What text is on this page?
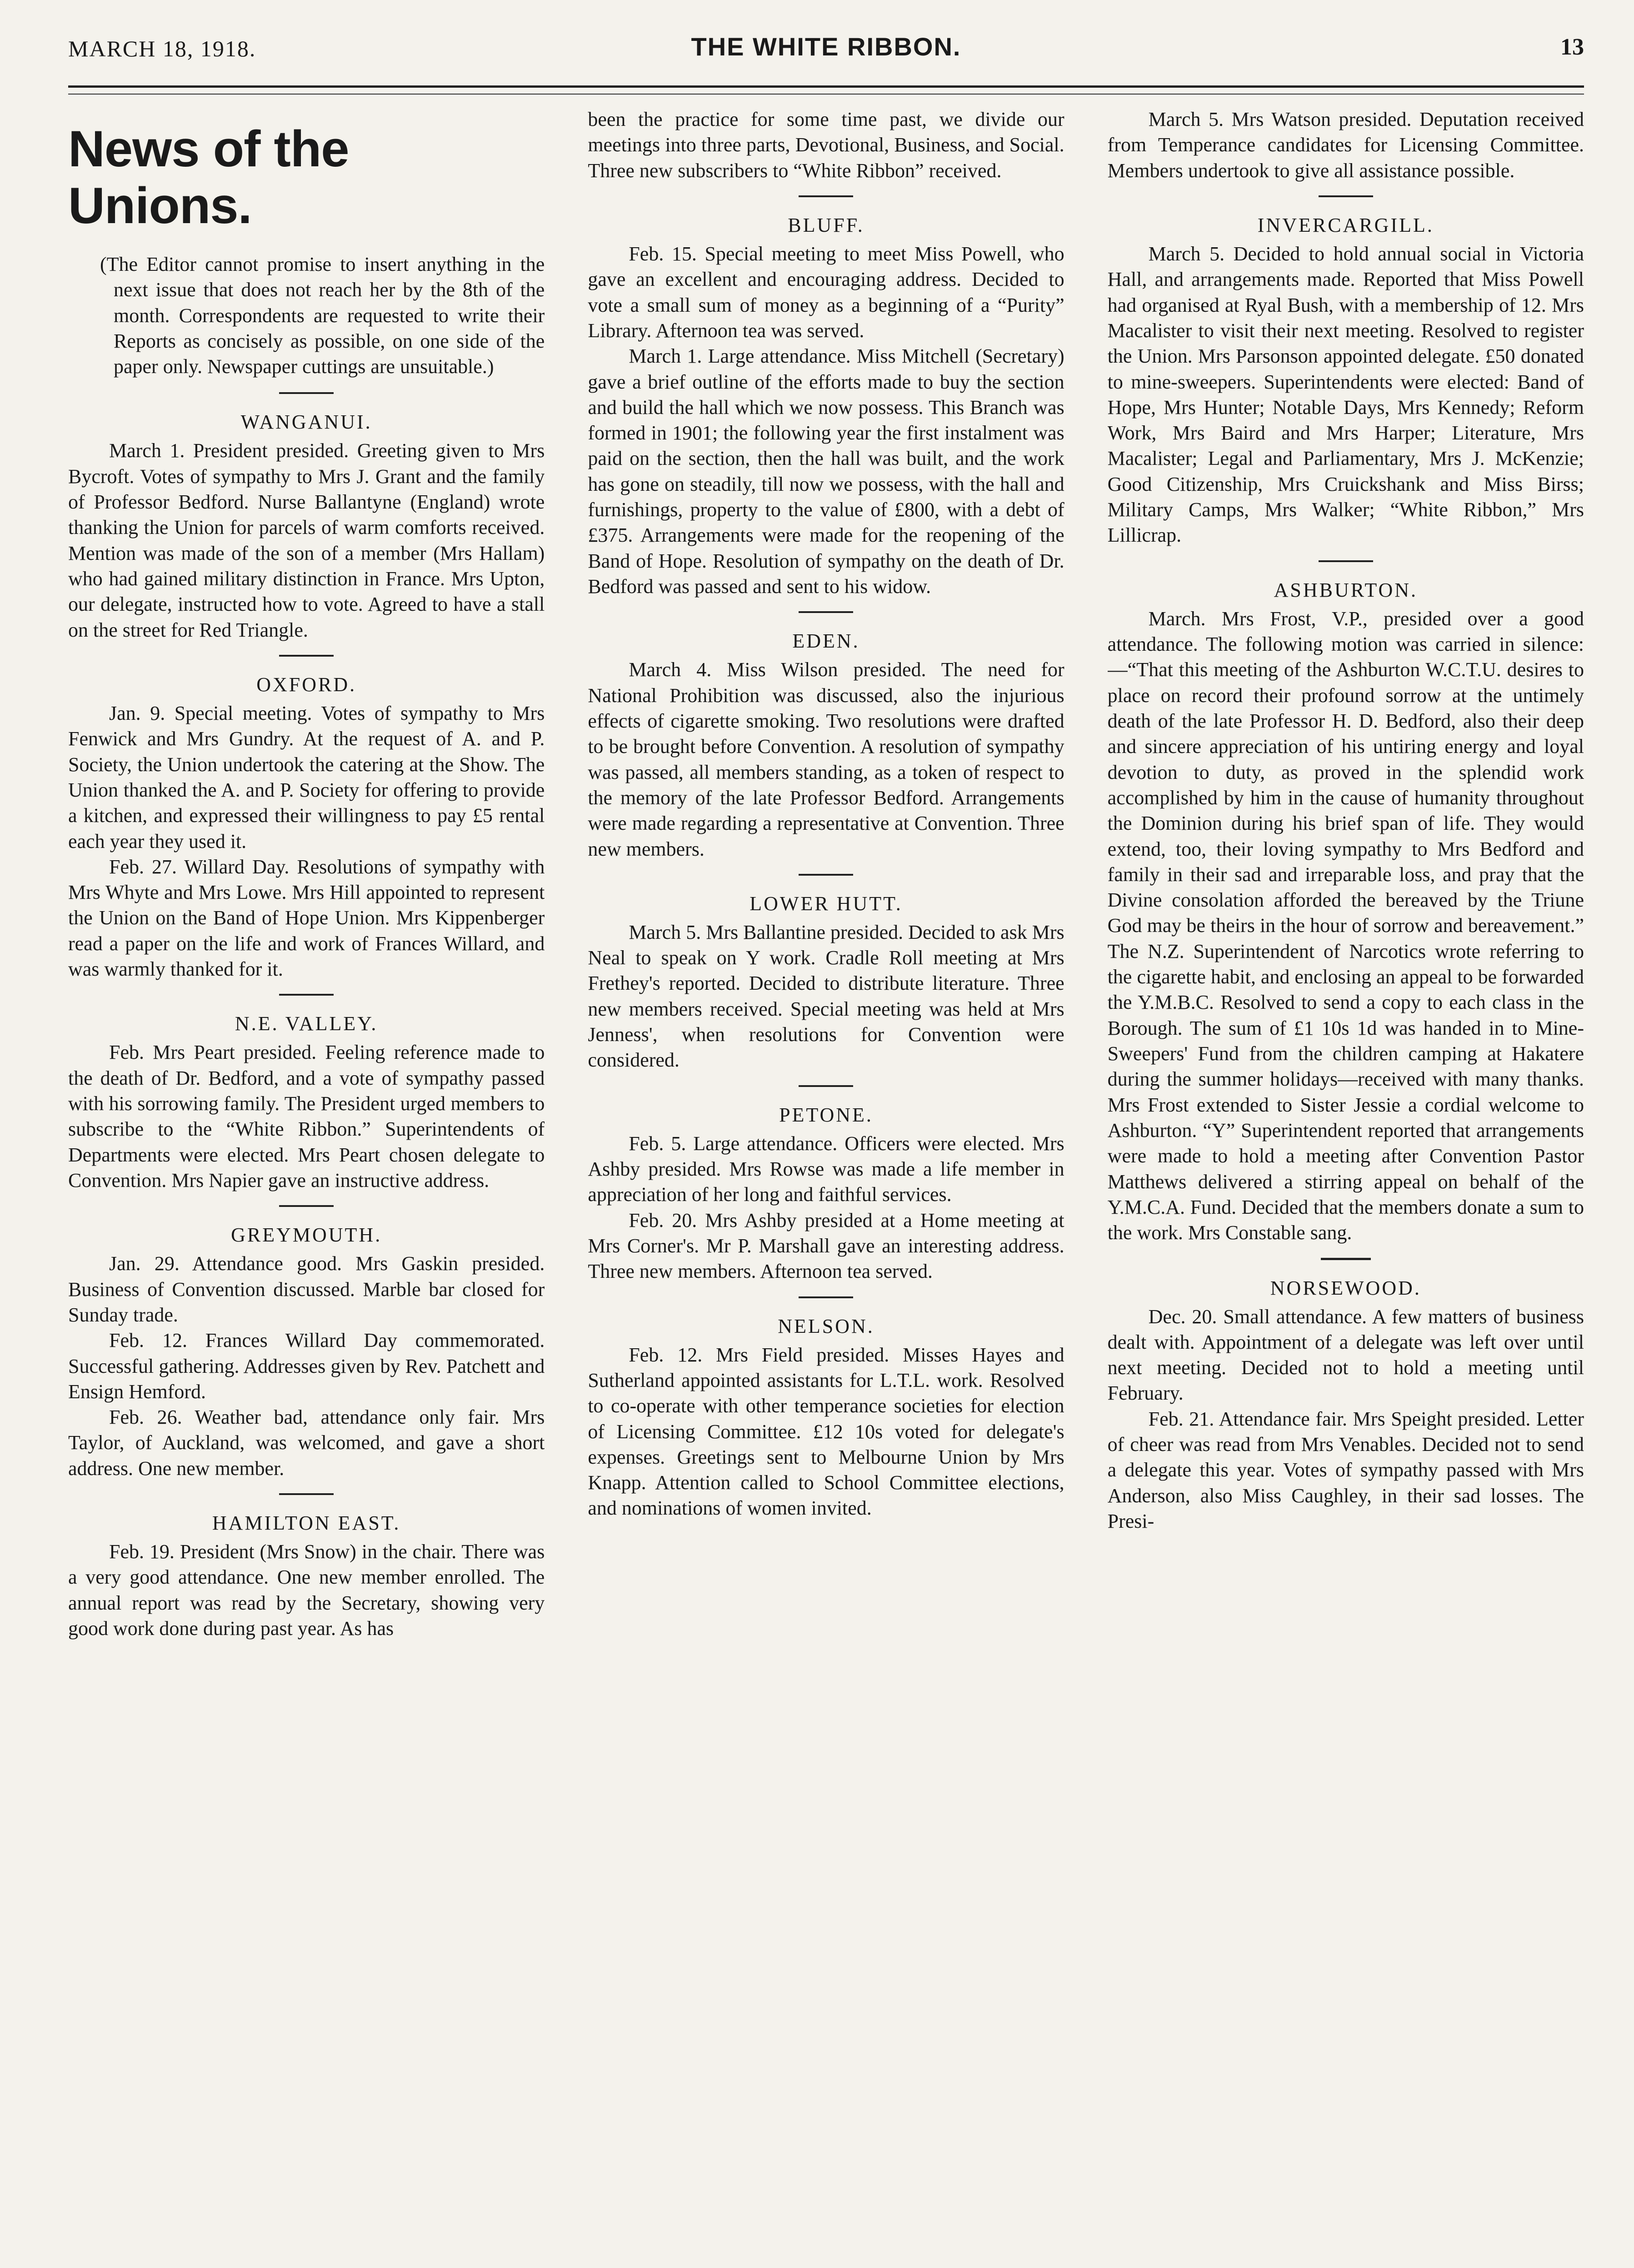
MARCH 18, 1918.	THE WHITE RIBBON.	13
News of the Unions.

(The Editor cannot promise to insert anything in the next issue that does not reach her by the 8th of the month. Correspondents are requested to write their Reports as concisely as possible, on one side of the paper only. Newspaper cuttings are unsuitable.)

WANGANUI.

March 1. President presided. Greeting given to Mrs Bycroft. Votes of sympathy to Mrs J. Grant and the family of Professor Bedford. Nurse Ballantyne (England) wrote thanking the Union for parcels of warm comforts received. Mention was made of the son of a member (Mrs Hallam) who had gained military distinction in France. Mrs Upton, our delegate, instructed how to vote. Agreed to have a stall on the street for Red Triangle.

OXFORD.

Jan. 9. Special meeting. Votes of sympathy to Mrs Fenwick and Mrs Gundry. At the request of A. and P. Society, the Union undertook the catering at the Show. The Union thanked the A. and P. Society for offering to provide a kitchen, and expressed their willingness to pay £5 rental each year they used it.

Feb. 27. Willard Day. Resolutions of sympathy with Mrs Whyte and Mrs Lowe. Mrs Hill appointed to represent the Union on the Band of Hope Union. Mrs Kippenberger read a paper on the life and work of Frances Willard, and was warmly thanked for it.

N.E. VALLEY.

Feb. Mrs Peart presided. Feeling reference made to the death of Dr. Bedford, and a vote of sympathy passed with his sorrowing family. The President urged members to subscribe to the “White Ribbon.” Superintendents of Departments were elected. Mrs Peart chosen delegate to Convention. Mrs Napier gave an instructive address.

GREYMOUTH.

Jan. 29. Attendance good. Mrs Gaskin presided. Business of Convention discussed. Marble bar closed for Sunday trade.

Feb. 12. Frances Willard Day commemorated. Successful gathering. Addresses given by Rev. Patchett and Ensign Hemford.

Feb. 26. Weather bad, attendance only fair. Mrs Taylor, of Auckland, was welcomed, and gave a short address. One new member.

HAMILTON EAST.

Feb. 19. President (Mrs Snow) in the chair. There was a very good attendance. One new member enrolled. The annual report was read by the Secretary, showing very good work done during past year. As has

been the practice for some time past, we divide our meetings into three parts, Devotional, Business, and Social. Three new subscribers to “White Ribbon” received.

BLUFF.

Feb. 15. Special meeting to meet Miss Powell, who gave an excellent and encouraging address. Decided to vote a small sum of money as a beginning of a “Purity” Library. Afternoon tea was served.

March 1. Large attendance. Miss Mitchell (Secretary) gave a brief outline of the efforts made to buy the section and build the hall which we now possess. This Branch was formed in 1901; the following year the first instalment was paid on the section, then the hall was built, and the work has gone on steadily, till now we possess, with the hall and furnishings, property to the value of £800, with a debt of £375. Arrangements were made for the reopening of the Band of Hope. Resolution of sympathy on the death of Dr. Bedford was passed and sent to his widow.

EDEN.

March 4. Miss Wilson presided. The need for National Prohibition was discussed, also the injurious effects of cigarette smoking. Two resolutions were drafted to be brought before Convention. A resolution of sympathy was passed, all members standing, as a token of respect to the memory of the late Professor Bedford. Arrangements were made regarding a representative at Convention. Three new members.

LOWER HUTT.

March 5. Mrs Ballantine presided. Decided to ask Mrs Neal to speak on Y work. Cradle Roll meeting at Mrs Frethey's reported. Decided to distribute literature. Three new members received. Special meeting was held at Mrs Jenness', when resolutions for Convention were considered.

PETONE.

Feb. 5. Large attendance. Officers were elected. Mrs Ashby presided. Mrs Rowse was made a life member in appreciation of her long and faithful services.

Feb. 20. Mrs Ashby presided at a Home meeting at Mrs Corner's. Mr P. Marshall gave an interesting address. Three new members. Afternoon tea served.

NELSON.

Feb. 12. Mrs Field presided. Misses Hayes and Sutherland appointed assistants for L.T.L. work. Resolved to co-operate with other temperance societies for election of Licensing Committee. £12 10s voted for delegate's expenses. Greetings sent to Melbourne Union by Mrs Knapp. Attention called to School Committee elections, and nominations of women invited.

March 5. Mrs Watson presided. Deputation received from Temperance candidates for Licensing Committee. Members undertook to give all assistance possible.

INVERCARGILL.

March 5. Decided to hold annual social in Victoria Hall, and arrangements made. Reported that Miss Powell had organised at Ryal Bush, with a membership of 12. Mrs Macalister to visit their next meeting. Resolved to register the Union. Mrs Parsonson appointed delegate. £50 donated to mine-sweepers. Superintendents were elected: Band of Hope, Mrs Hunter; Notable Days, Mrs Kennedy; Reform Work, Mrs Baird and Mrs Harper; Literature, Mrs Macalister; Legal and Parliamentary, Mrs J. McKenzie; Good Citizenship, Mrs Cruickshank and Miss Birss; Military Camps, Mrs Walker; “White Ribbon,” Mrs Lillicrap.

ASHBURTON.

March. Mrs Frost, V.P., presided over a good attendance. The following motion was carried in silence:—“That this meeting of the Ashburton W.C.T.U. desires to place on record their profound sorrow at the untimely death of the late Professor H. D. Bedford, also their deep and sincere appreciation of his untiring energy and loyal devotion to duty, as proved in the splendid work accomplished by him in the cause of humanity throughout the Dominion during his brief span of life. They would extend, too, their loving sympathy to Mrs Bedford and family in their sad and irreparable loss, and pray that the Divine consolation afforded the bereaved by the Triune God may be theirs in the hour of sorrow and bereavement.” The N.Z. Superintendent of Narcotics wrote referring to the cigarette habit, and enclosing an appeal to be forwarded the Y.M.B.C. Resolved to send a copy to each class in the Borough. The sum of £1 10s 1d was handed in to Mine-Sweepers' Fund from the children camping at Hakatere during the summer holidays—received with many thanks. Mrs Frost extended to Sister Jessie a cordial welcome to Ashburton. “Y” Superintendent reported that arrangements were made to hold a meeting after Convention Pastor Matthews delivered a stirring appeal on behalf of the Y.M.C.A. Fund. Decided that the members donate a sum to the work. Mrs Constable sang.

NORSEWOOD.

Dec. 20. Small attendance. A few matters of business dealt with. Appointment of a delegate was left over until next meeting. Decided not to hold a meeting until February.

Feb. 21. Attendance fair. Mrs Speight presided. Letter of cheer was read from Mrs Venables. Decided not to send a delegate this year. Votes of sympathy passed with Mrs Anderson, also Miss Caughley, in their sad losses. The Presi-
